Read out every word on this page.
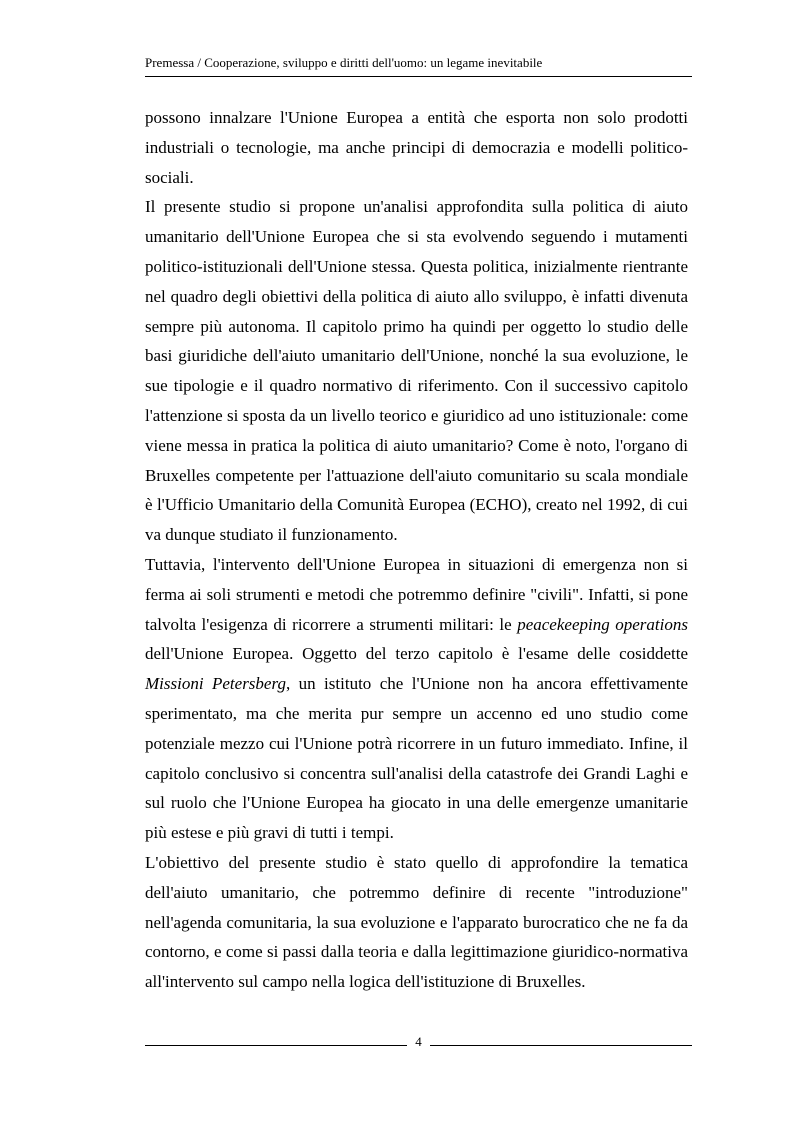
Premessa / Cooperazione, sviluppo e diritti dell'uomo: un legame inevitabile

possono innalzare l'Unione Europea a entità che esporta non solo prodotti industriali o tecnologie, ma anche principi di democrazia e modelli politico-sociali.

Il presente studio si propone un'analisi approfondita sulla politica di aiuto umanitario dell'Unione Europea che si sta evolvendo seguendo i mutamenti politico-istituzionali dell'Unione stessa. Questa politica, inizialmente rientrante nel quadro degli obiettivi della politica di aiuto allo sviluppo, è infatti divenuta sempre più autonoma. Il capitolo primo ha quindi per oggetto lo studio delle basi giuridiche dell'aiuto umanitario dell'Unione, nonché la sua evoluzione, le sue tipologie e il quadro normativo di riferimento. Con il successivo capitolo l'attenzione si sposta da un livello teorico e giuridico ad uno istituzionale: come viene messa in pratica la politica di aiuto umanitario? Come è noto, l'organo di Bruxelles competente per l'attuazione dell'aiuto comunitario su scala mondiale è l'Ufficio Umanitario della Comunità Europea (ECHO), creato nel 1992, di cui va dunque studiato il funzionamento.

Tuttavia, l'intervento dell'Unione Europea in situazioni di emergenza non si ferma ai soli strumenti e metodi che potremmo definire "civili". Infatti, si pone talvolta l'esigenza di ricorrere a strumenti militari: le peacekeeping operations dell'Unione Europea. Oggetto del terzo capitolo è l'esame delle cosiddette Missioni Petersberg, un istituto che l'Unione non ha ancora effettivamente sperimentato, ma che merita pur sempre un accenno ed uno studio come potenziale mezzo cui l'Unione potrà ricorrere in un futuro immediato. Infine, il capitolo conclusivo si concentra sull'analisi della catastrofe dei Grandi Laghi e sul ruolo che l'Unione Europea ha giocato in una delle emergenze umanitarie più estese e più gravi di tutti i tempi.

L'obiettivo del presente studio è stato quello di approfondire la tematica dell'aiuto umanitario, che potremmo definire di recente "introduzione" nell'agenda comunitaria, la sua evoluzione e l'apparato burocratico che ne fa da contorno, e come si passi dalla teoria e dalla legittimazione giuridico-normativa all'intervento sul campo nella logica dell'istituzione di Bruxelles.

4
